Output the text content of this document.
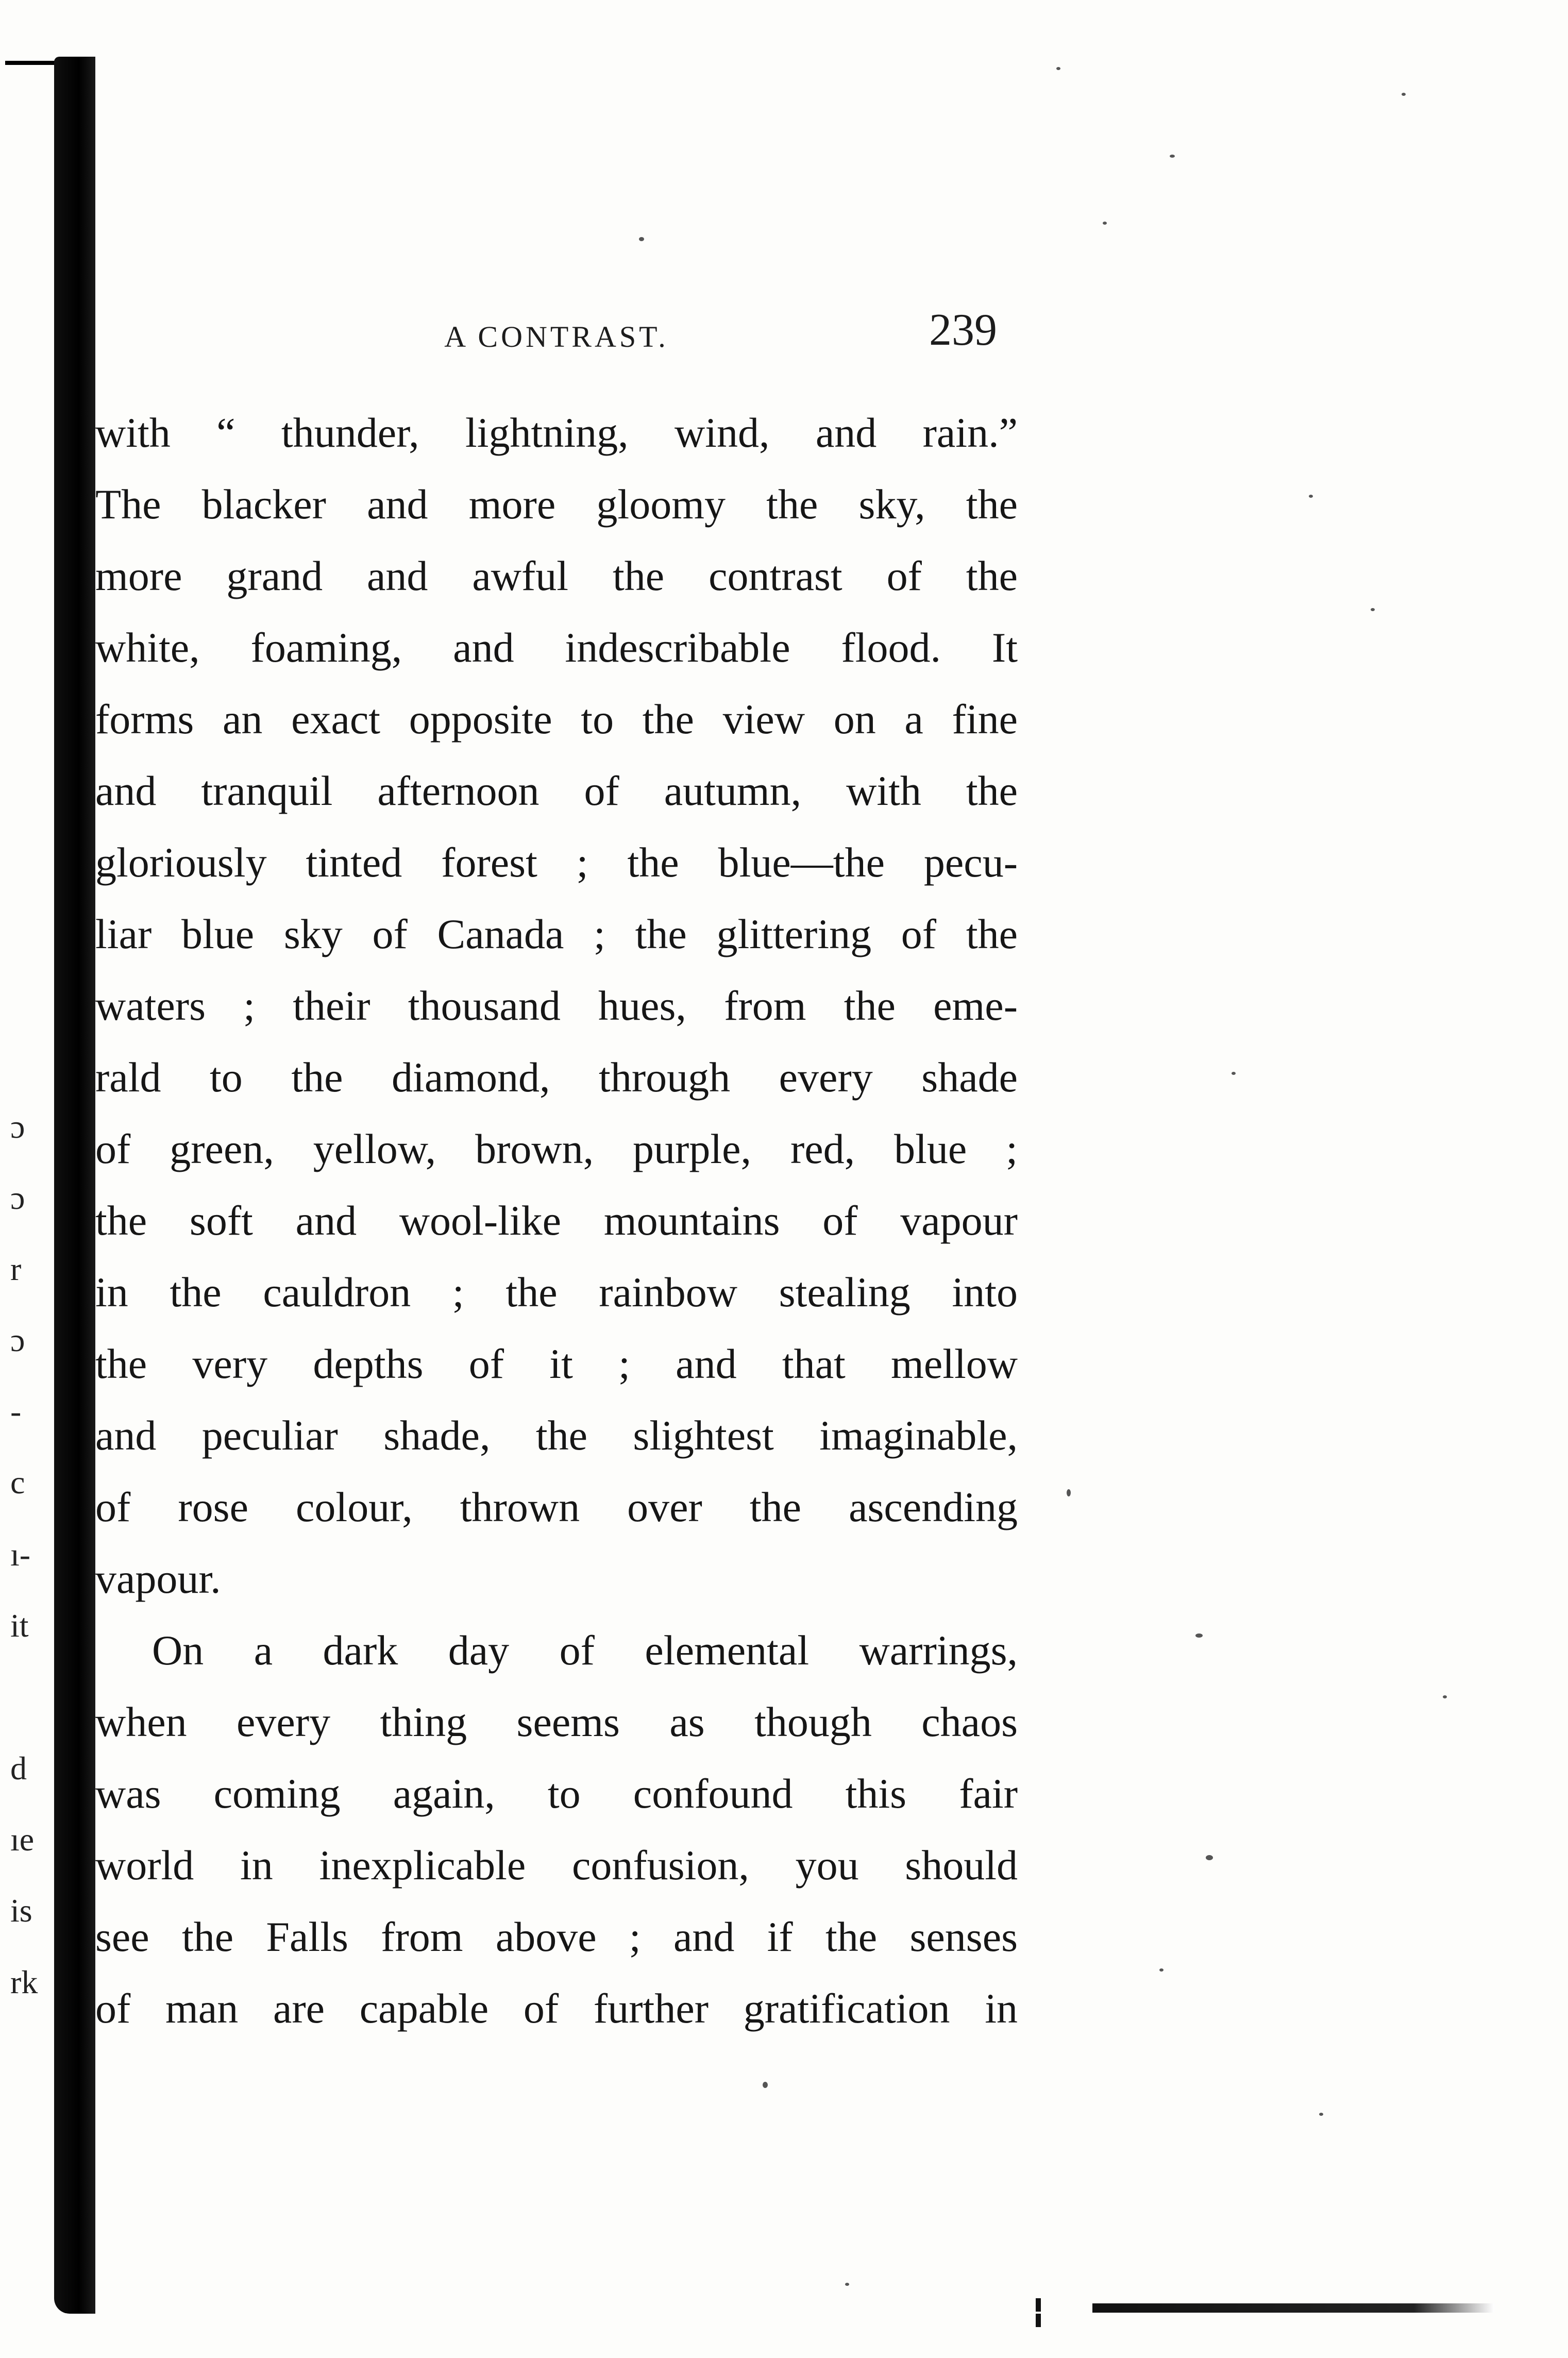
ɔ
ɔ
r
ɔ
-
c
ı-
it
d
ıe
is
rk
A CONTRAST.	239
with “ thunder, lightning, wind, and rain.”
The blacker and more gloomy the sky, the
more grand and awful the contrast of the
white, foaming, and indescribable flood. It
forms an exact opposite to the view on a fine
and tranquil afternoon of autumn, with the
gloriously tinted forest ; the blue—the pecu-
liar blue sky of Canada ; the glittering of the
waters ; their thousand hues, from the eme-
rald to the diamond, through every shade
of green, yellow, brown, purple, red, blue ;
the soft and wool-like mountains of vapour
in the cauldron ; the rainbow stealing into
the very depths of it ; and that mellow
and peculiar shade, the slightest imaginable,
of rose colour, thrown over the ascending
vapour.
On a dark day of elemental warrings,
when every thing seems as though chaos
was coming again, to confound this fair
world in inexplicable confusion, you should
see the Falls from above ; and if the senses
of man are capable of further gratification in
